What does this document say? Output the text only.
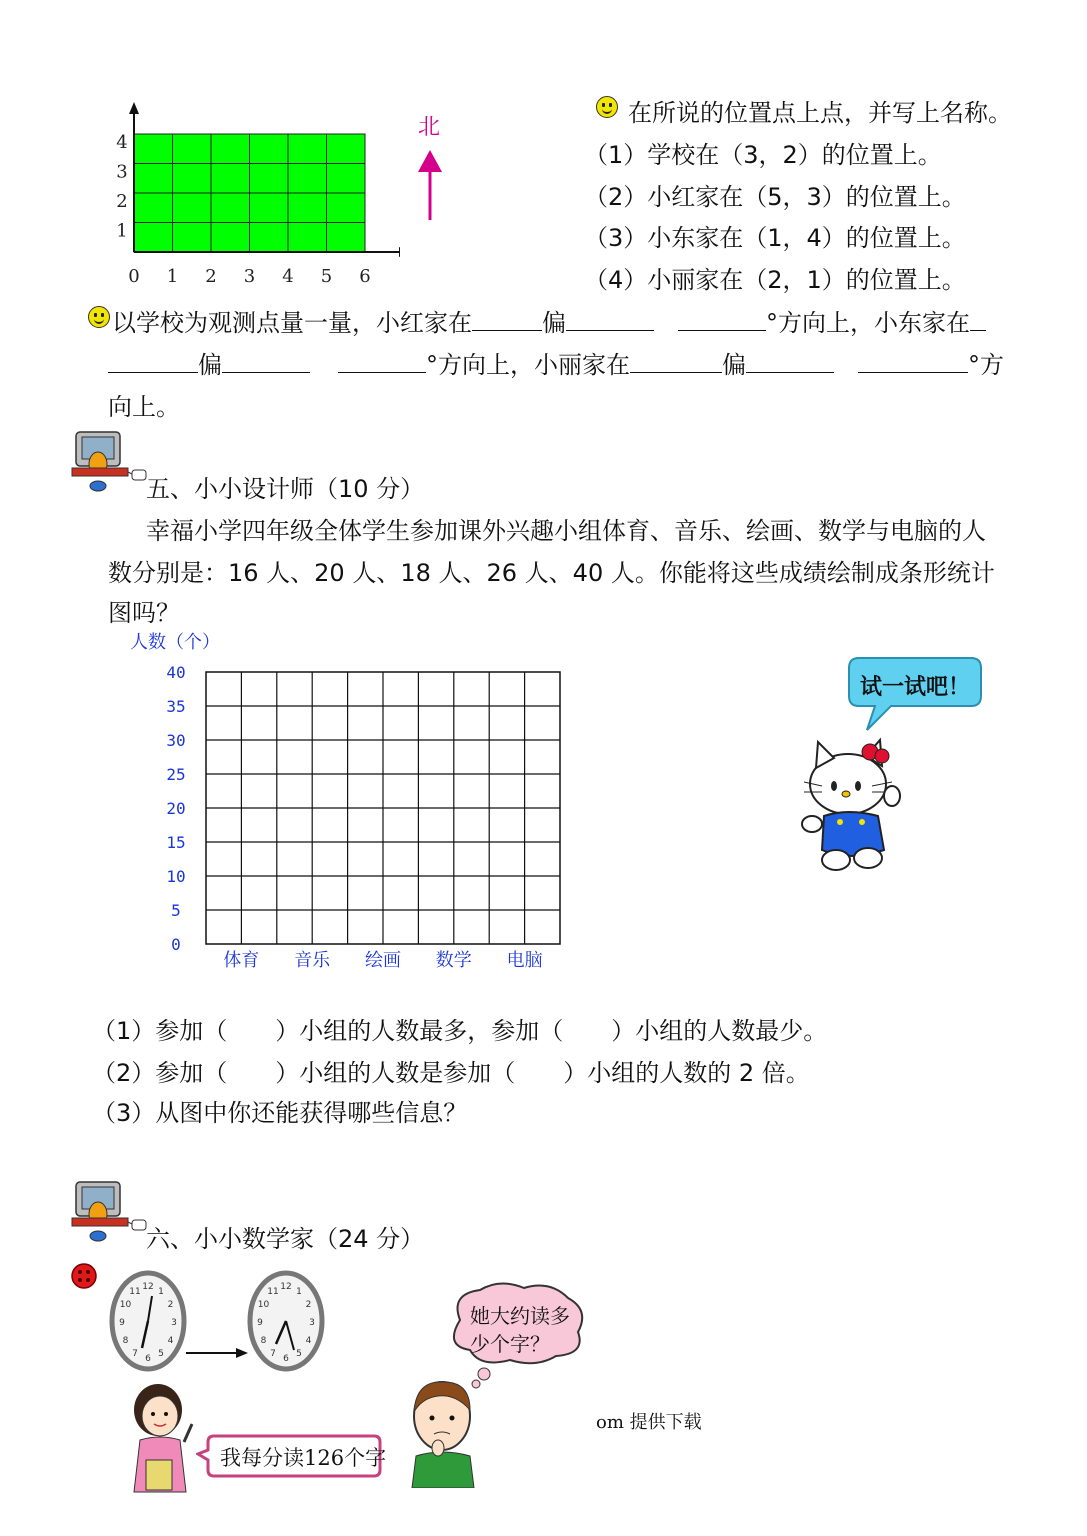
0 1 2 3 4 5 6
1
2
3
4
北
在所说的位置点上点，并写上名称。
（1）学校在（3，2）的位置上。
（2）小红家在（5，3）的位置上。
（3）小东家在（1，4）的位置上。
（4）小丽家在（2，1）的位置上。
以学校为观测点量一量，小红家在	偏	°方向上，小东家在
偏	°方向上，小丽家在	偏	°方
向上。
五、小小设计师（10 分）
幸福小学四年级全体学生参加课外兴趣小组体育、音乐、绘画、数学与电脑的人
数分别是：16 人、20 人、18 人、26 人、40 人。你能将这些成绩绘制成条形统计
图吗？
人数（个）
0
5
10
15
20
25
30
35
40
体育 音乐 绘画 数学 电脑
试一试吧！
（1）参加（　　）小组的人数最多，参加（　　）小组的人数最少。
（2）参加（　　）小组的人数是参加（　　）小组的人数的 2 倍。
（3）从图中你还能获得哪些信息？
六、小小数学家（24 分）
1
2
3
4
5
6
7
8
9
10
11 12	1
2
3
4
5
6
7
8
9
10
11 12
我每分读126个字
她大约读多
少个字？
om 提供下载
